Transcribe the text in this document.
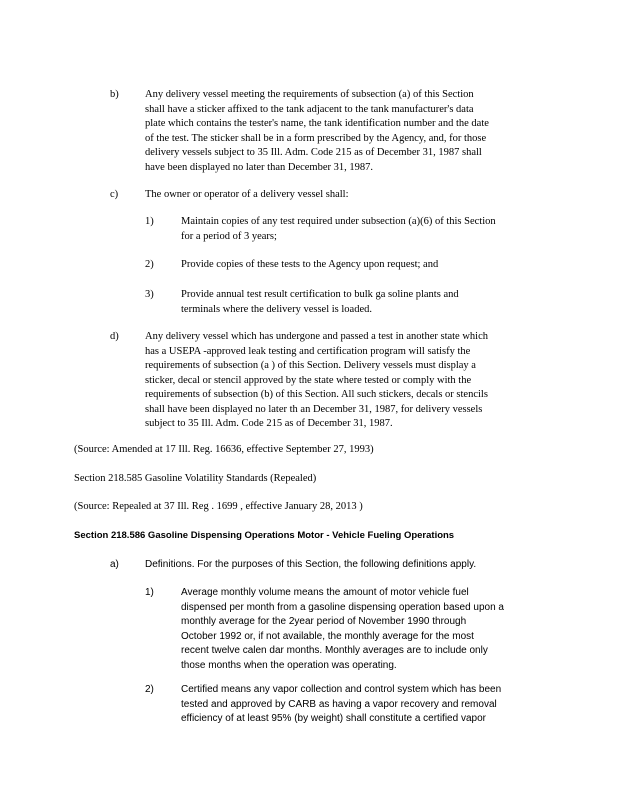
b)	Any delivery vessel meeting the requirements of subsection (a) of this Section
shall have a sticker affixed to the tank adjacent to the tank manufacturer's data
plate which contains the tester's name, the tank identification number and the date
of the test. The sticker shall be in a form prescribed by the Agency, and, for those
delivery vessels subject to 35 Ill. Adm. Code 215 as of December 31, 1987 shall
have been displayed no later than December 31, 1987.
c)	The owner or operator of a delivery vessel shall:
1)	Maintain copies of any test required under subsection (a)(6) of this Section
for a period of 3 years;
2)	Provide copies of these tests to the Agency upon request; and
3)	Provide annual test result certification to bulk ga soline plants and
terminals where the delivery vessel is loaded.
d)	Any delivery vessel which has undergone and passed a test in another state which
has a USEPA -approved leak testing and certification program will satisfy the
requirements of subsection (a ) of this Section. Delivery vessels must display a
sticker, decal or stencil approved by the state where tested or comply with the
requirements of subsection (b) of this Section. All such stickers, decals or stencils
shall have been displayed no later th an December 31, 1987, for delivery vessels
subject to 35 Ill. Adm. Code 215 as of December 31, 1987.
(Source: Amended at 17 Ill. Reg. 16636, effective September 27, 1993)
Section 218.585 Gasoline Volatility Standards (Repealed)
(Source: Repealed at 37 Ill. Reg . 1699 , effective January 28, 2013 )
Section 218.586 Gasoline Dispensing Operations Motor - Vehicle Fueling Operations
a)	Definitions. For the purposes of this Section, the following definitions apply.
1)	Average monthly volume means the amount of motor vehicle fuel
dispensed per month from a gasoline dispensing operation based upon a
monthly average for the 2year period of November 1990 through
October 1992 or, if not available, the monthly average for the most
recent twelve calen dar months. Monthly averages are to include only
those months when the operation was operating.
2)	Certified means any vapor collection and control system which has been
tested and approved by CARB as having a vapor recovery and removal
efficiency of at least 95% (by weight) shall constitute a certified vapor
